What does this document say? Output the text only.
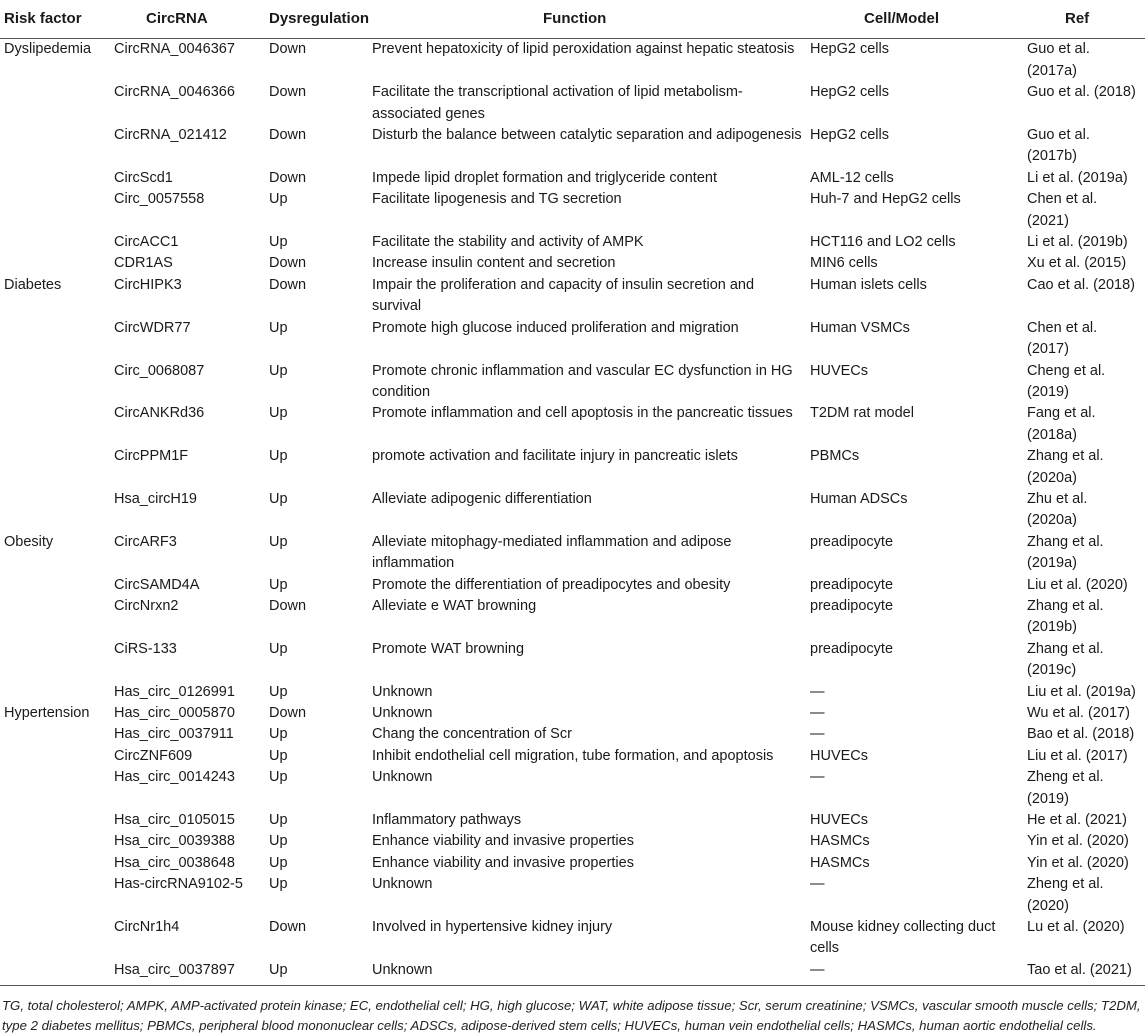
Risk factor	CircRNA	Dysregulation	Function	Cell/Model	Ref
Dyslipedemia	CircRNA_0046367	Down	Prevent hepatoxicity of lipid peroxidation against hepatic steatosis	HepG2 cells	Guo et al. (2017a)
	CircRNA_0046366	Down	Facilitate the transcriptional activation of lipid metabolism-associated genes	HepG2 cells	Guo et al. (2018)
	CircRNA_021412	Down	Disturb the balance between catalytic separation and adipogenesis	HepG2 cells	Guo et al. (2017b)
	CircScd1	Down	Impede lipid droplet formation and triglyceride content	AML-12 cells	Li et al. (2019a)
	Circ_0057558	Up	Facilitate lipogenesis and TG secretion	Huh-7 and HepG2 cells	Chen et al. (2021)
	CircACC1	Up	Facilitate the stability and activity of AMPK	HCT116 and LO2 cells	Li et al. (2019b)
	CDR1AS	Down	Increase insulin content and secretion	MIN6 cells	Xu et al. (2015)
Diabetes	CircHIPK3	Down	Impair the proliferation and capacity of insulin secretion and survival	Human islets cells	Cao et al. (2018)
	CircWDR77	Up	Promote high glucose induced proliferation and migration	Human VSMCs	Chen et al. (2017)
	Circ_0068087	Up	Promote chronic inflammation and vascular EC dysfunction in HG condition	HUVECs	Cheng et al. (2019)
	CircANKRd36	Up	Promote inflammation and cell apoptosis in the pancreatic tissues	T2DM rat model	Fang et al. (2018a)
	CircPPM1F	Up	promote activation and facilitate injury in pancreatic islets	PBMCs	Zhang et al. (2020a)
	Hsa_circH19	Up	Alleviate adipogenic differentiation	Human ADSCs	Zhu et al. (2020a)
Obesity	CircARF3	Up	Alleviate mitophagy-mediated inflammation and adipose inflammation	preadipocyte	Zhang et al. (2019a)
	CircSAMD4A	Up	Promote the differentiation of preadipocytes and obesity	preadipocyte	Liu et al. (2020)
	CircNrxn2	Down	Alleviate e WAT browning	preadipocyte	Zhang et al. (2019b)
	CiRS-133	Up	Promote WAT browning	preadipocyte	Zhang et al. (2019c)
	Has_circ_0126991	Up	Unknown	—	Liu et al. (2019a)
Hypertension	Has_circ_0005870	Down	Unknown	—	Wu et al. (2017)
	Has_circ_0037911	Up	Chang the concentration of Scr	—	Bao et al. (2018)
	CircZNF609	Up	Inhibit endothelial cell migration, tube formation, and apoptosis	HUVECs	Liu et al. (2017)
	Has_circ_0014243	Up	Unknown	—	Zheng et al. (2019)
	Hsa_circ_0105015	Up	Inflammatory pathways	HUVECs	He et al. (2021)
	Hsa_circ_0039388	Up	Enhance viability and invasive properties	HASMCs	Yin et al. (2020)
	Hsa_circ_0038648	Up	Enhance viability and invasive properties	HASMCs	Yin et al. (2020)
	Has-circRNA9102-5	Up	Unknown	—	Zheng et al. (2020)
	CircNr1h4	Down	Involved in hypertensive kidney injury	Mouse kidney collecting duct cells	Lu et al. (2020)
	Hsa_circ_0037897	Up	Unknown	—	Tao et al. (2021)
TG, total cholesterol; AMPK, AMP-activated protein kinase; EC, endothelial cell; HG, high glucose; WAT, white adipose tissue; Scr, serum creatinine; VSMCs, vascular smooth muscle cells; T2DM, type 2 diabetes mellitus; PBMCs, peripheral blood mononuclear cells; ADSCs, adipose-derived stem cells; HUVECs, human vein endothelial cells; HASMCs, human aortic endothelial cells.
